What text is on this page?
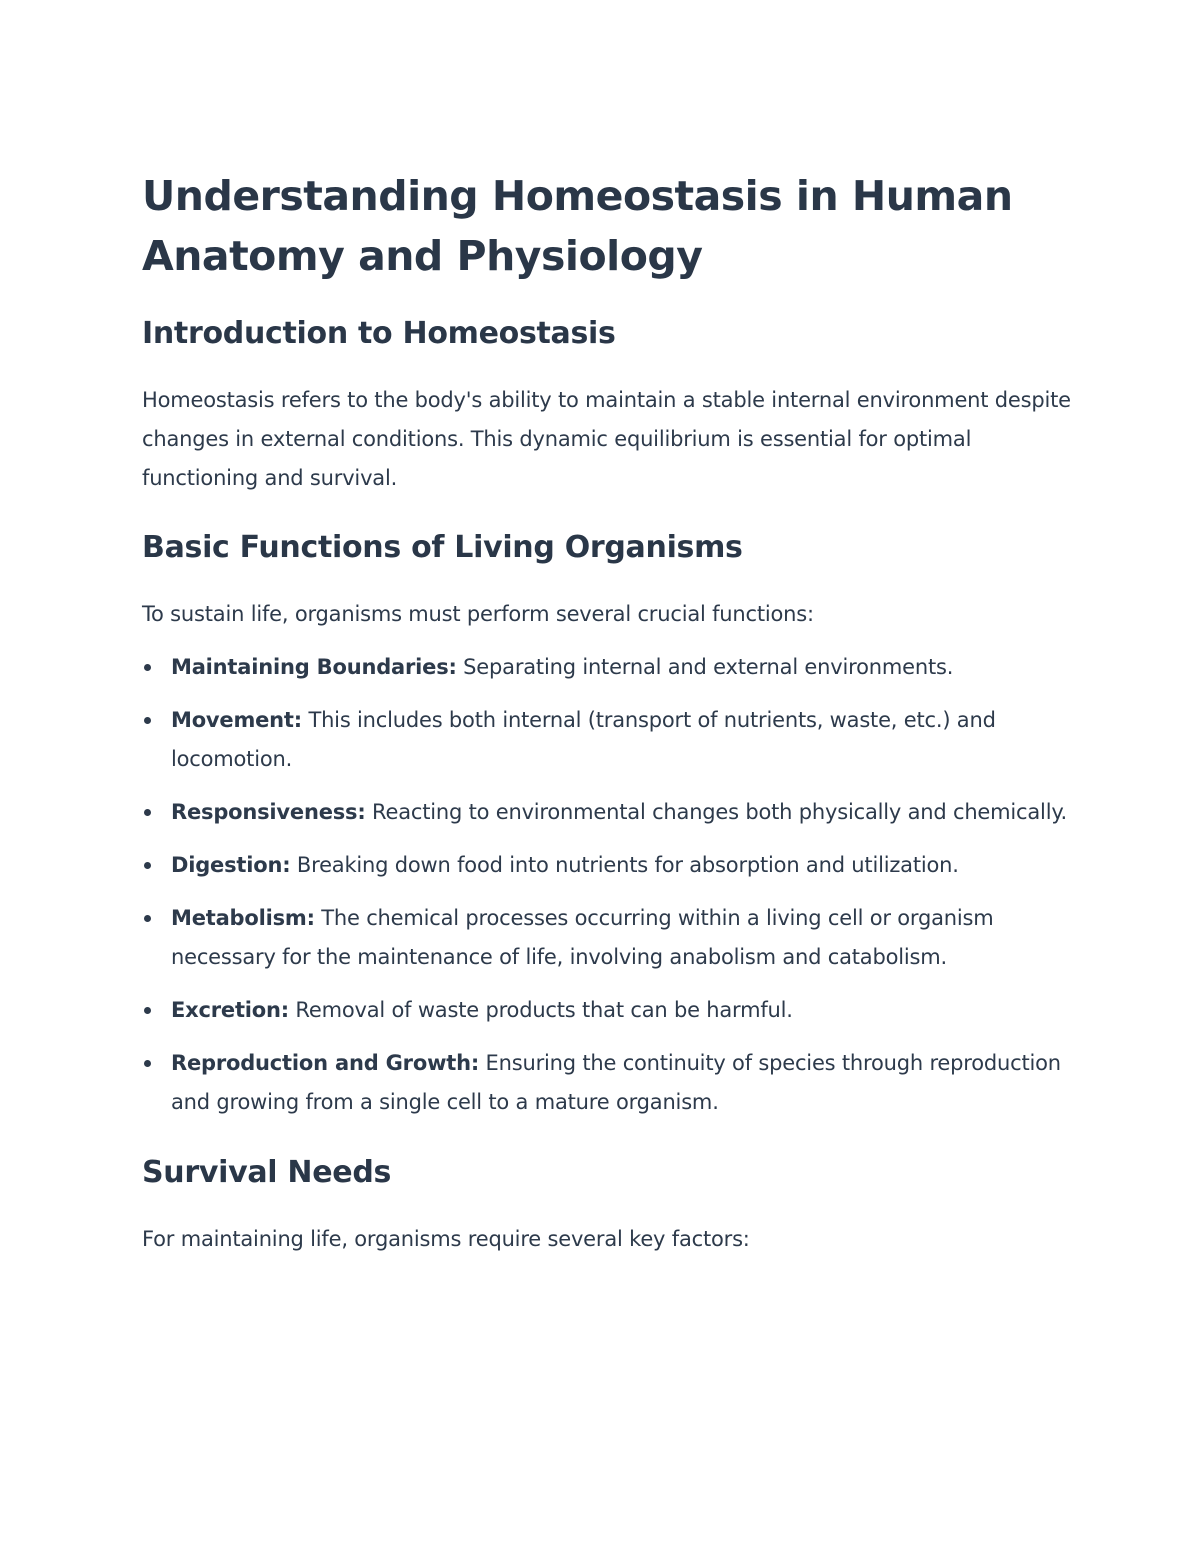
Understanding Homeostasis in Human Anatomy and Physiology
Introduction to Homeostasis

Homeostasis refers to the body's ability to maintain a stable internal environment despite changes in external conditions. This dynamic equilibrium is essential for optimal functioning and survival.

Basic Functions of Living Organisms

To sustain life, organisms must perform several crucial functions:

Maintaining Boundaries: Separating internal and external environments.
Movement: This includes both internal (transport of nutrients, waste, etc.) and locomotion.
Responsiveness: Reacting to environmental changes both physically and chemically.
Digestion: Breaking down food into nutrients for absorption and utilization.
Metabolism: The chemical processes occurring within a living cell or organism necessary for the maintenance of life, involving anabolism and catabolism.
Excretion: Removal of waste products that can be harmful.
Reproduction and Growth: Ensuring the continuity of species through reproduction and growing from a single cell to a mature organism.
Survival Needs

For maintaining life, organisms require several key factors:
